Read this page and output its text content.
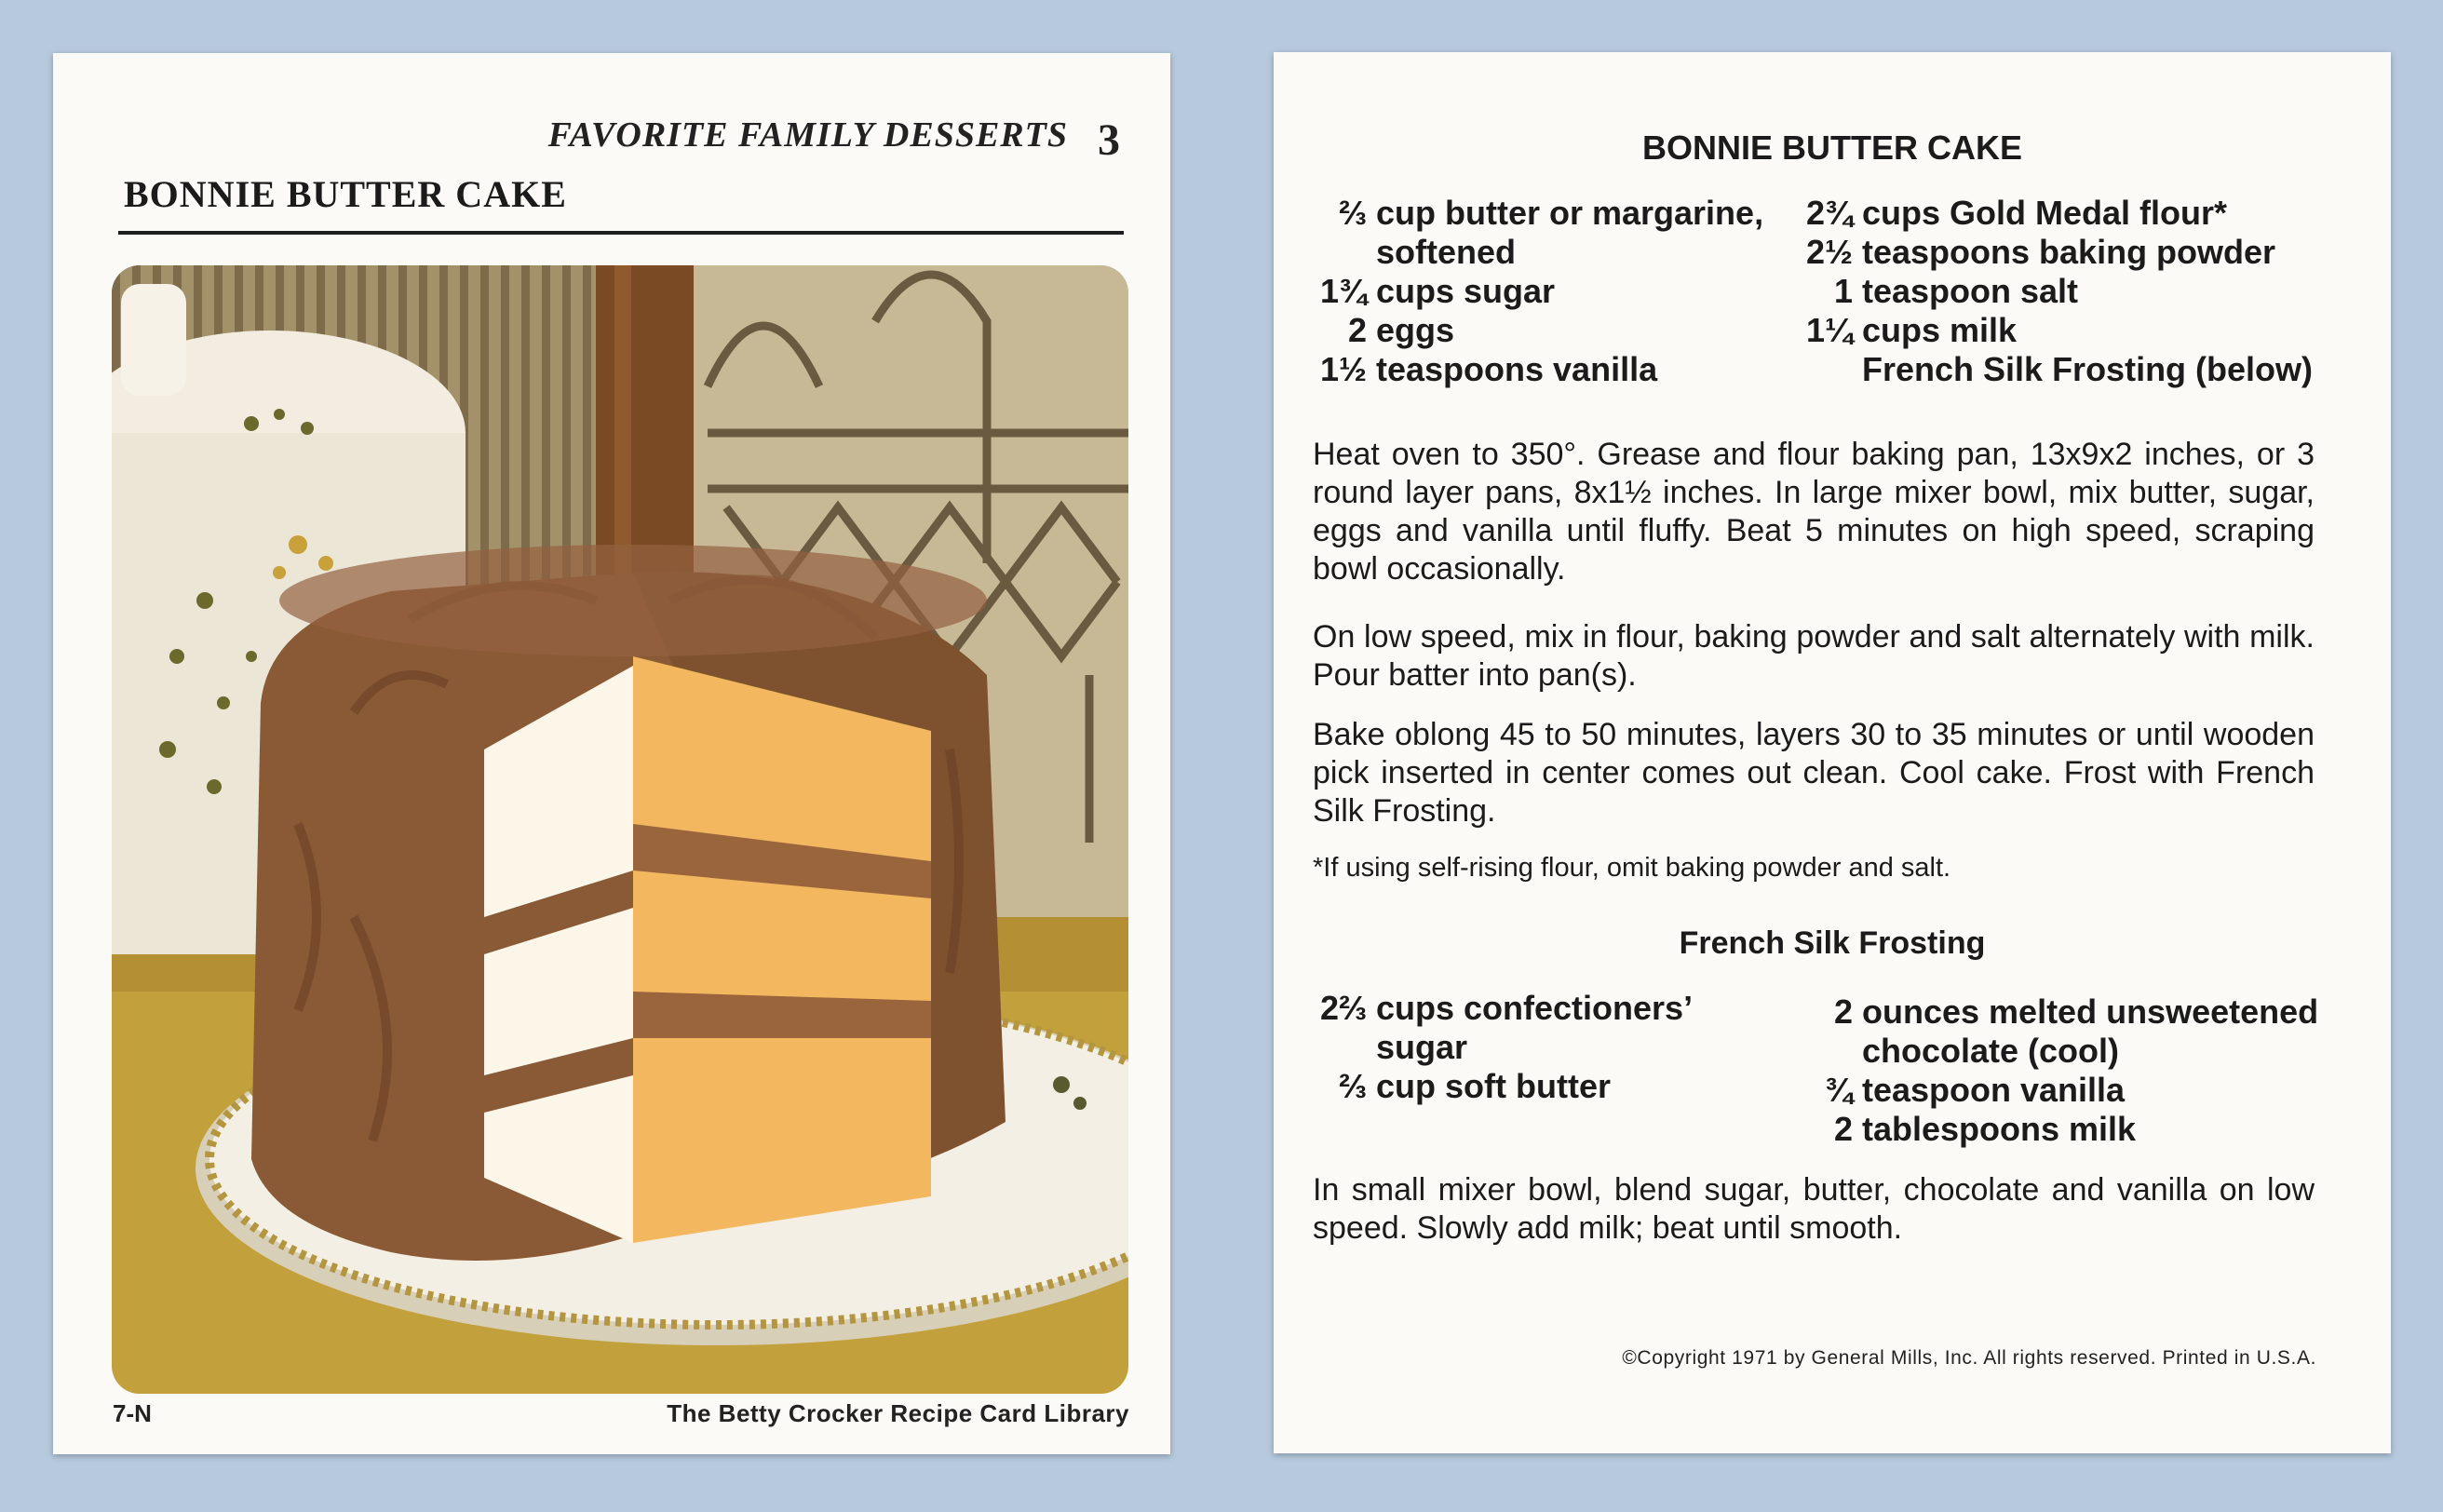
FAVORITE FAMILY DESSERTS 3
BONNIE BUTTER CAKE
7-N	The Betty Crocker Recipe Card Library
BONNIE BUTTER CAKE
⅔ cup butter or margarine,
softened
1¾ cups sugar
2 eggs
1½ teaspoons vanilla
2¾ cups Gold Medal flour*
2½ teaspoons baking powder
1 teaspoon salt
1¼ cups milk
French Silk Frosting (below)
Heat oven to 350°. Grease and flour baking pan, 13x9x2 inches, or 3 round layer pans, 8x1½ inches. In large mixer bowl, mix butter, sugar, eggs and vanilla until fluffy. Beat 5 minutes on high speed, scraping bowl occasionally.
On low speed, mix in flour, baking powder and salt alternately with milk. Pour batter into pan(s).
Bake oblong 45 to 50 minutes, layers 30 to 35 minutes or until wooden pick inserted in center comes out clean. Cool cake. Frost with French Silk Frosting.
*If using self-rising flour, omit baking powder and salt.
French Silk Frosting
2⅔ cups confectioners’
sugar
⅔ cup soft butter
2 ounces melted unsweetened
chocolate (cool)
¾ teaspoon vanilla
2 tablespoons milk
In small mixer bowl, blend sugar, butter, chocolate and vanilla on low speed. Slowly add milk; beat until smooth.
©Copyright 1971 by General Mills, Inc. All rights reserved. Printed in U.S.A.
